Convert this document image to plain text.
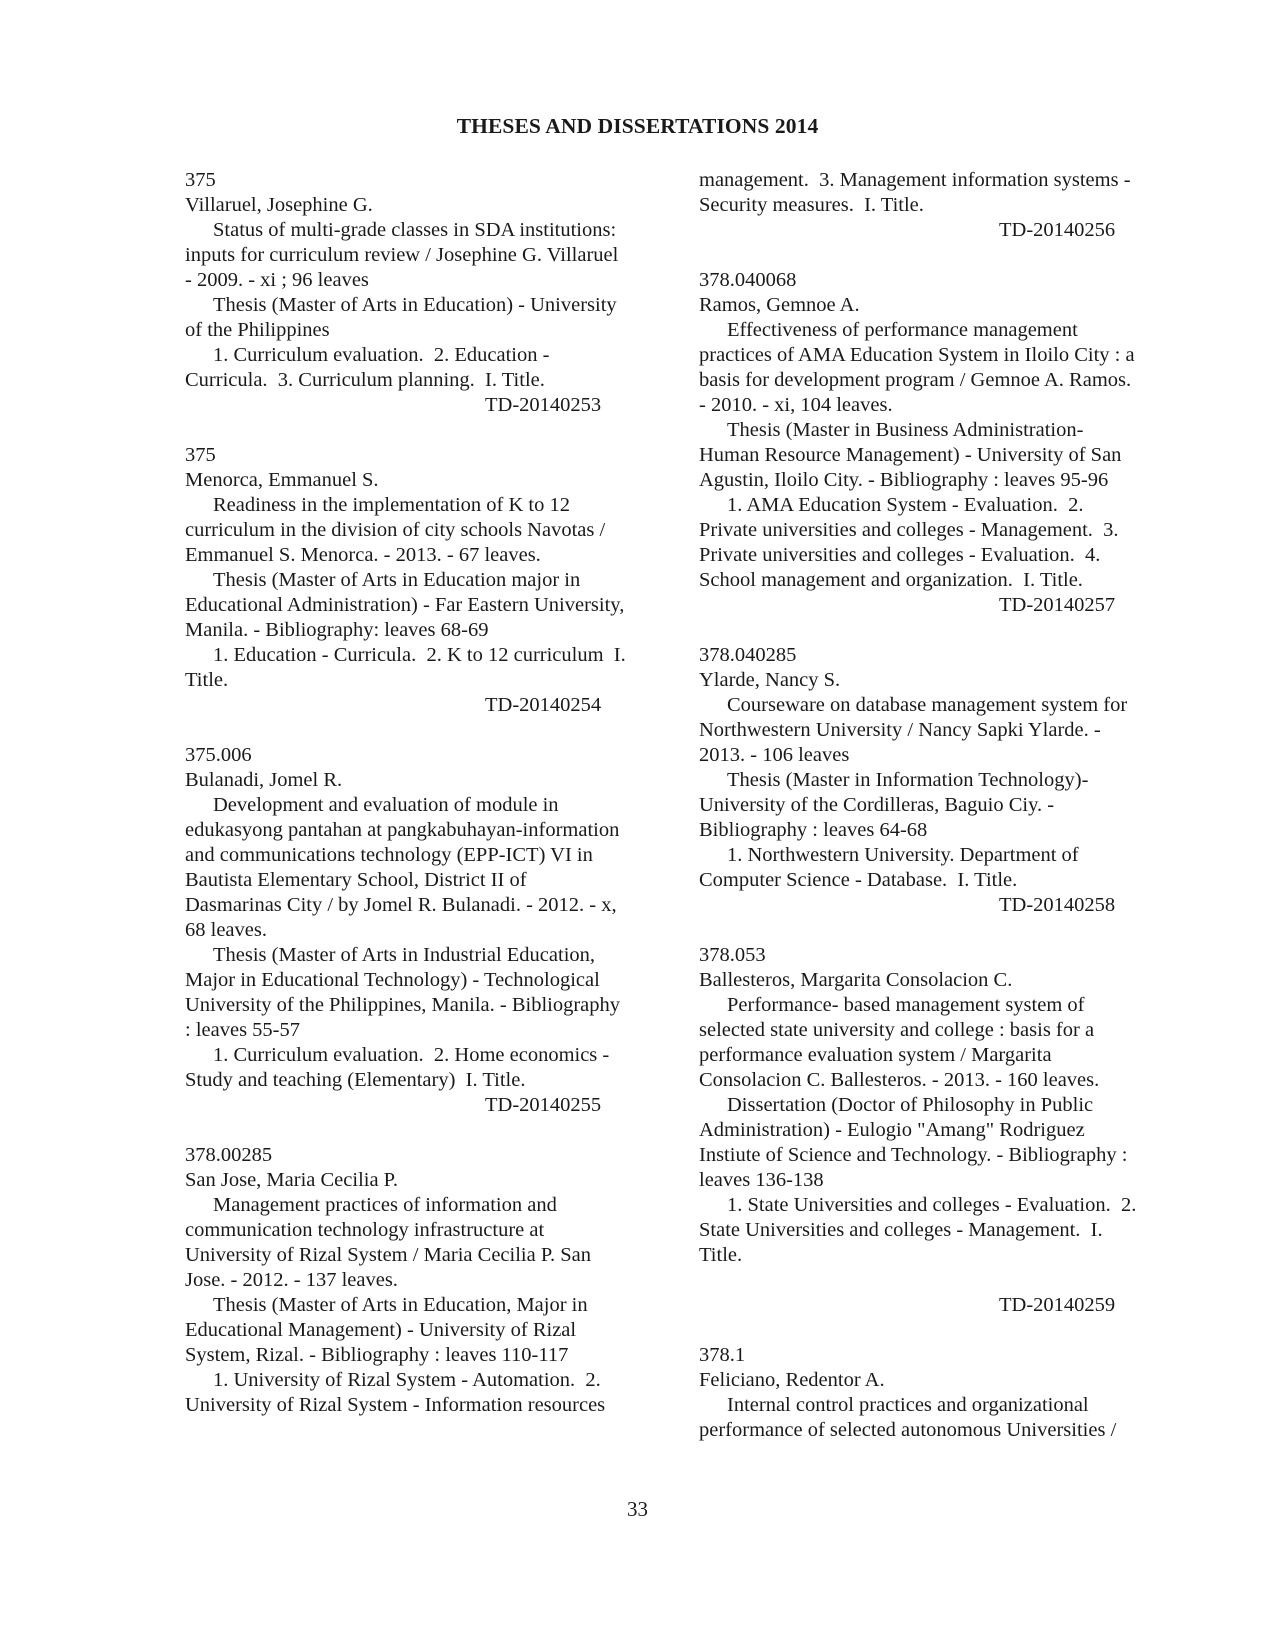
THESES AND DISSERTATIONS 2014
375
Villaruel, Josephine G.
Status of multi-grade classes in SDA institutions:
inputs for curriculum review / Josephine G. Villaruel
- 2009. - xi ; 96 leaves
Thesis (Master of Arts in Education) - University
of the Philippines
1. Curriculum evaluation.  2. Education -
Curricula.  3. Curriculum planning.  I. Title.
TD-20140253
375
Menorca, Emmanuel S.
Readiness in the implementation of K to 12
curriculum in the division of city schools Navotas /
Emmanuel S. Menorca. - 2013. - 67 leaves.
Thesis (Master of Arts in Education major in
Educational Administration) - Far Eastern University,
Manila. - Bibliography: leaves 68-69
1. Education - Curricula.  2. K to 12 curriculum  I.
Title.
TD-20140254
375.006
Bulanadi, Jomel R.
Development and evaluation of module in
edukasyong pantahan at pangkabuhayan-information
and communications technology (EPP-ICT) VI in
Bautista Elementary School, District II of
Dasmarinas City / by Jomel R. Bulanadi. - 2012. - x,
68 leaves.
Thesis (Master of Arts in Industrial Education,
Major in Educational Technology) - Technological
University of the Philippines, Manila. - Bibliography
: leaves 55-57
1. Curriculum evaluation.  2. Home economics -
Study and teaching (Elementary)  I. Title.
TD-20140255
378.00285
San Jose, Maria Cecilia P.
Management practices of information and
communication technology infrastructure at
University of Rizal System / Maria Cecilia P. San
Jose. - 2012. - 137 leaves.
Thesis (Master of Arts in Education, Major in
Educational Management) - University of Rizal
System, Rizal. - Bibliography : leaves 110-117
1. University of Rizal System - Automation.  2.
University of Rizal System - Information resources
management.  3. Management information systems -
Security measures.  I. Title.
TD-20140256
378.040068
Ramos, Gemnoe A.
Effectiveness of performance management
practices of AMA Education System in Iloilo City : a
basis for development program / Gemnoe A. Ramos.
- 2010. - xi, 104 leaves.
Thesis (Master in Business Administration-
Human Resource Management) - University of San
Agustin, Iloilo City. - Bibliography : leaves 95-96
1. AMA Education System - Evaluation.  2.
Private universities and colleges - Management.  3.
Private universities and colleges - Evaluation.  4.
School management and organization.  I. Title.
TD-20140257
378.040285
Ylarde, Nancy S.
Courseware on database management system for
Northwestern University / Nancy Sapki Ylarde. -
2013. - 106 leaves
Thesis (Master in Information Technology)-
University of the Cordilleras, Baguio Ciy. -
Bibliography : leaves 64-68
1. Northwestern University. Department of
Computer Science - Database.  I. Title.
TD-20140258
378.053
Ballesteros, Margarita Consolacion C.
Performance- based management system of
selected state university and college : basis for a
performance evaluation system / Margarita
Consolacion C. Ballesteros. - 2013. - 160 leaves.
Dissertation (Doctor of Philosophy in Public
Administration) - Eulogio "Amang" Rodriguez
Instiute of Science and Technology. - Bibliography :
leaves 136-138
1. State Universities and colleges - Evaluation.  2.
State Universities and colleges - Management.  I.
Title.
TD-20140259
378.1
Feliciano, Redentor A.
Internal control practices and organizational
performance of selected autonomous Universities /
33
